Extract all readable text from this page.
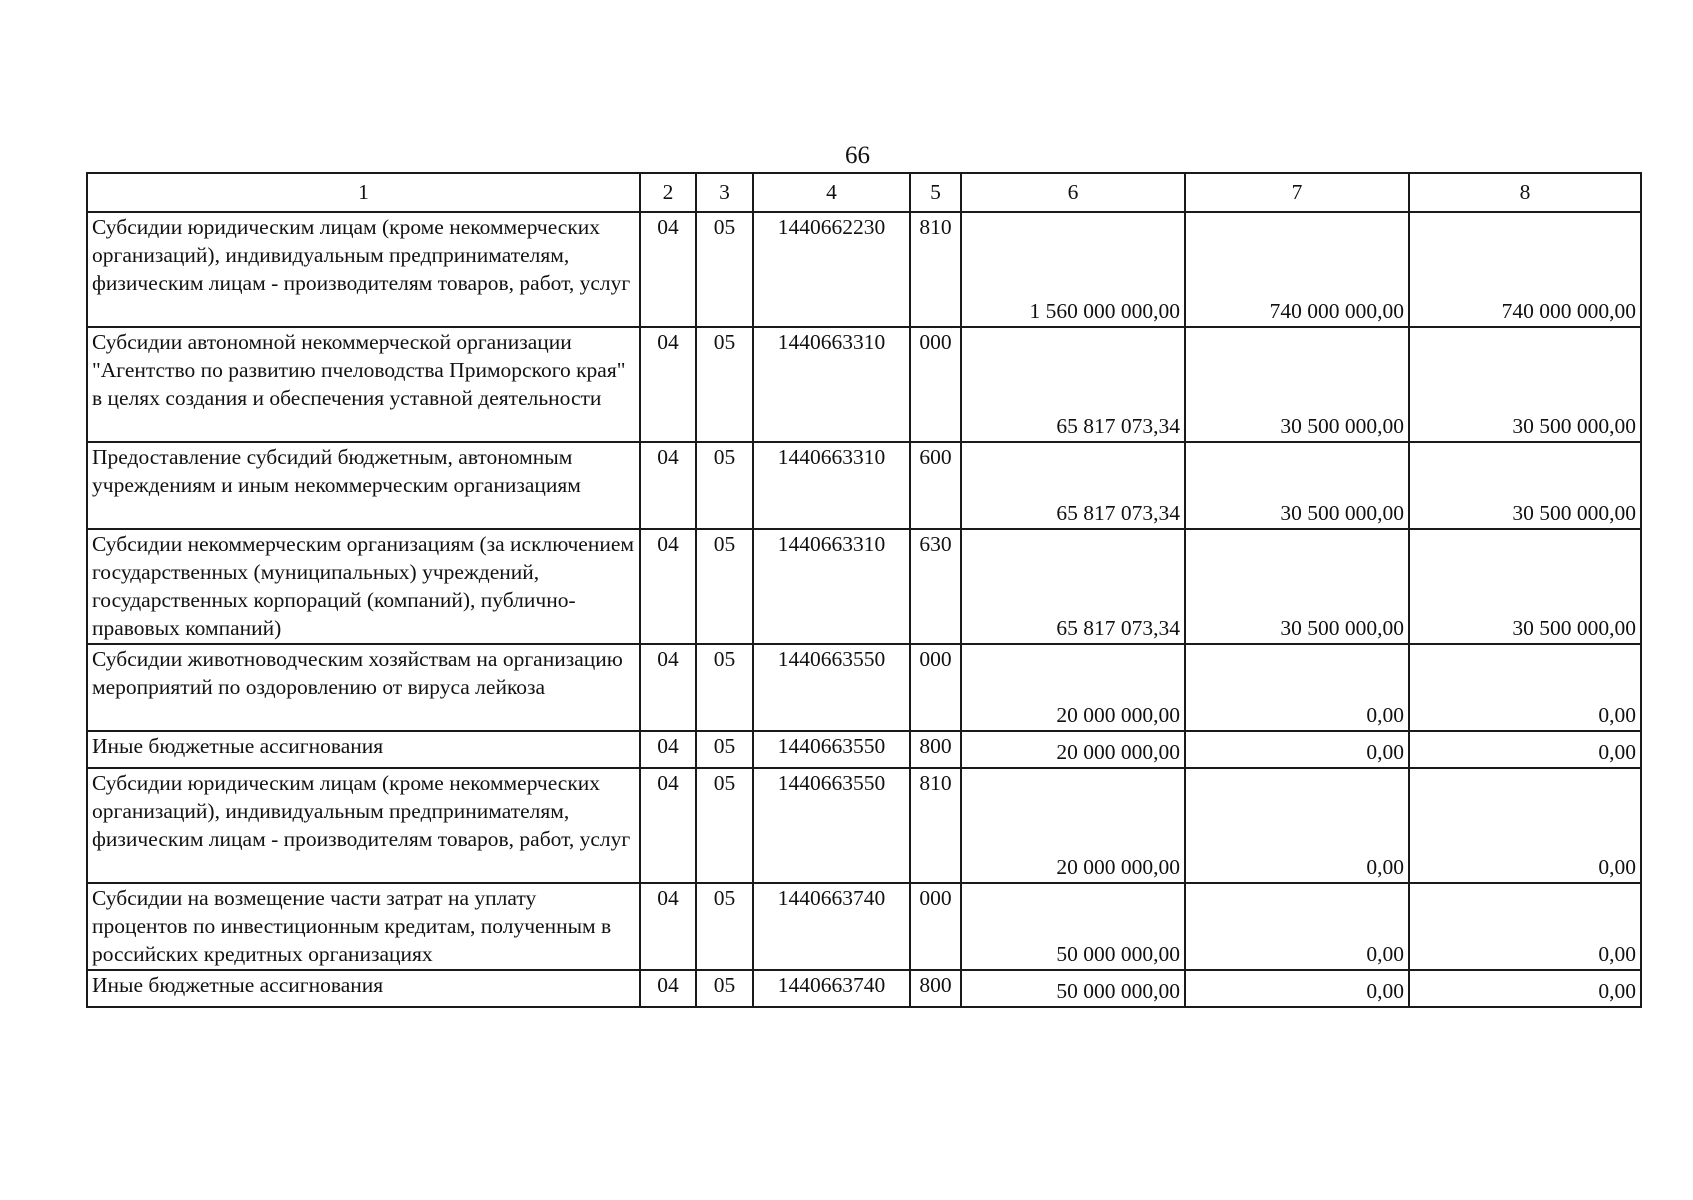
66
1	2	3	4	5	6	7	8
Субсидии юридическим лицам (кроме некоммерческих организаций), индивидуальным предпринимателям, физическим лицам - производителям товаров, работ, услуг	04	05	1440662230	810	1 560 000 000,00	740 000 000,00	740 000 000,00
Субсидии автономной некоммерческой организации "Агентство по развитию пчеловодства Приморского края" в целях создания и обеспечения уставной деятельности	04	05	1440663310	000	65 817 073,34	30 500 000,00	30 500 000,00
Предоставление субсидий бюджетным, автономным учреждениям и иным некоммерческим организациям	04	05	1440663310	600	65 817 073,34	30 500 000,00	30 500 000,00
Субсидии некоммерческим организациям (за исключением государственных (муниципальных) учреждений, государственных корпораций (компаний), публично-правовых компаний)	04	05	1440663310	630	65 817 073,34	30 500 000,00	30 500 000,00
Субсидии животноводческим хозяйствам на организацию мероприятий по оздоровлению от вируса лейкоза	04	05	1440663550	000	20 000 000,00	0,00	0,00
Иные бюджетные ассигнования	04	05	1440663550	800	20 000 000,00	0,00	0,00
Субсидии юридическим лицам (кроме некоммерческих организаций), индивидуальным предпринимателям, физическим лицам - производителям товаров, работ, услуг	04	05	1440663550	810	20 000 000,00	0,00	0,00
Субсидии на возмещение части затрат на уплату процентов по инвестиционным кредитам, полученным в российских кредитных организациях	04	05	1440663740	000	50 000 000,00	0,00	0,00
Иные бюджетные ассигнования	04	05	1440663740	800	50 000 000,00	0,00	0,00
